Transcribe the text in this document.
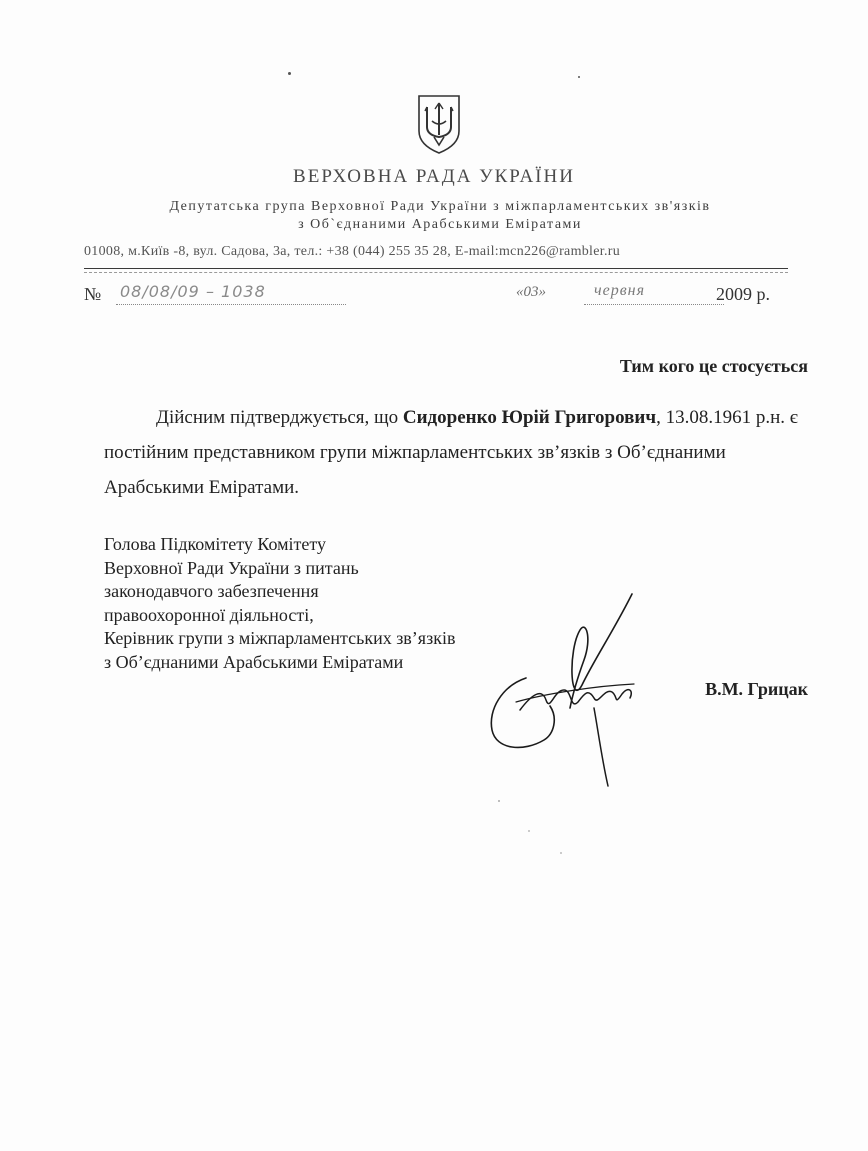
ВЕРХОВНА РАДА УКРАЇНИ
Депутатська група Верховної Ради України з міжпарламентських зв'язків
з Об`єднаними Арабськими Еміратами
01008, м.Київ -8, вул. Садова, 3а, тел.: +38 (044) 255 35 28, E-mail:mcn226@rambler.ru
№ 08/08/09 – 1038	«03»	червня	2009 р.
Тим кого це стосується
Дійсним підтверджується, що Сидоренко Юрій Григорович, 13.08.1961 р.н. є постійним представником групи міжпарламентських зв’язків з Об’єднаними Арабськими Еміратами.
Голова Підкомітету Комітету
Верховної Ради України з питань
законодавчого забезпечення
правоохоронної діяльності,
Керівник групи з міжпарламентських зв’язків
з Об’єднаними Арабськими Еміратами
В.М. Грицак
